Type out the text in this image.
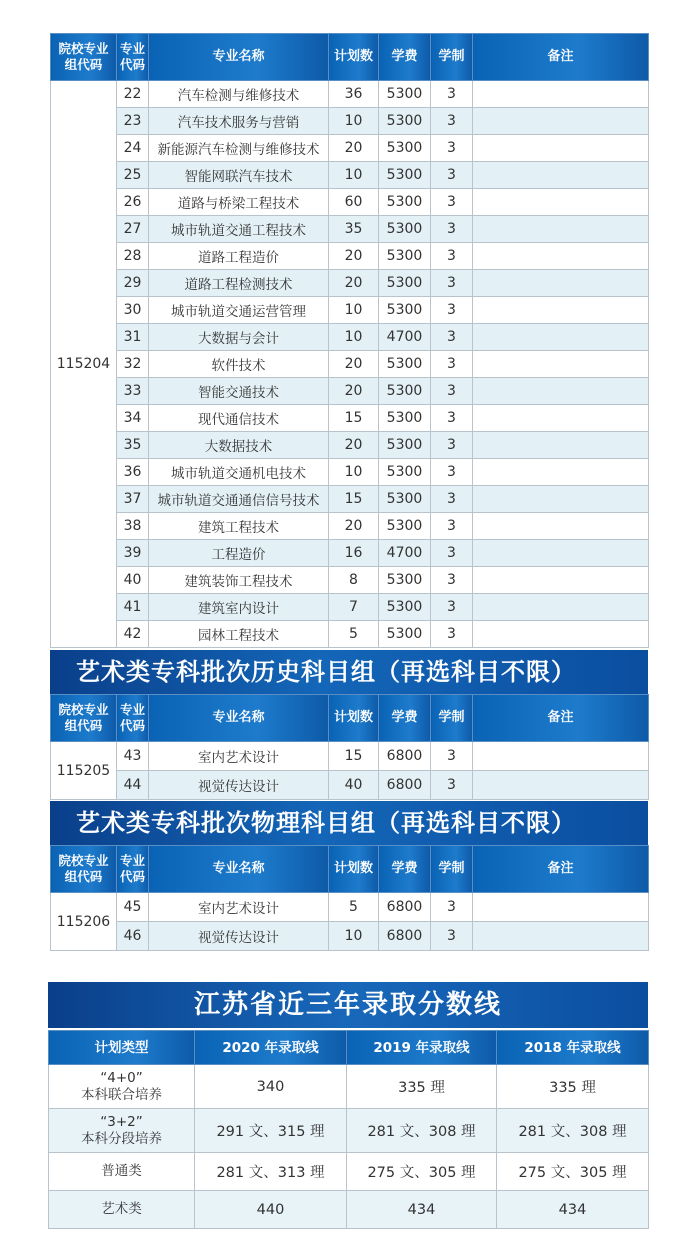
院校专业组代码	专业代码	专业名称	计划数	学费	学制	备注
115204	22	汽车检测与维修技术	36	5300	3	
	23	汽车技术服务与营销	10	5300	3	
	24	新能源汽车检测与维修技术	20	5300	3	
	25	智能网联汽车技术	10	5300	3	
	26	道路与桥梁工程技术	60	5300	3	
	27	城市轨道交通工程技术	35	5300	3	
	28	道路工程造价	20	5300	3	
	29	道路工程检测技术	20	5300	3	
	30	城市轨道交通运营管理	10	5300	3	
	31	大数据与会计	10	4700	3	
	32	软件技术	20	5300	3	
	33	智能交通技术	20	5300	3	
	34	现代通信技术	15	5300	3	
	35	大数据技术	20	5300	3	
	36	城市轨道交通机电技术	10	5300	3	
	37	城市轨道交通通信信号技术	15	5300	3	
	38	建筑工程技术	20	5300	3	
	39	工程造价	16	4700	3	
	40	建筑装饰工程技术	8	5300	3	
	41	建筑室内设计	7	5300	3	
	42	园林工程技术	5	5300	3	
艺术类专科批次历史科目组（再选科目不限）
院校专业组代码	专业代码	专业名称	计划数	学费	学制	备注
115205	43	室内艺术设计	15	6800	3	
	44	视觉传达设计	40	6800	3	
艺术类专科批次物理科目组（再选科目不限）
院校专业组代码	专业代码	专业名称	计划数	学费	学制	备注
115206	45	室内艺术设计	5	6800	3	
	46	视觉传达设计	10	6800	3	
江苏省近三年录取分数线
计划类型	2020 年录取线	2019 年录取线	2018 年录取线

“4+0”
本科联合培养	340	335 理	335 理

“3+2”
本科分段培养	291 文、315 理	281 文、308 理	281 文、308 理

普通类	281 文、313 理	275 文、305 理	275 文、305 理

艺术类	440	434	434
